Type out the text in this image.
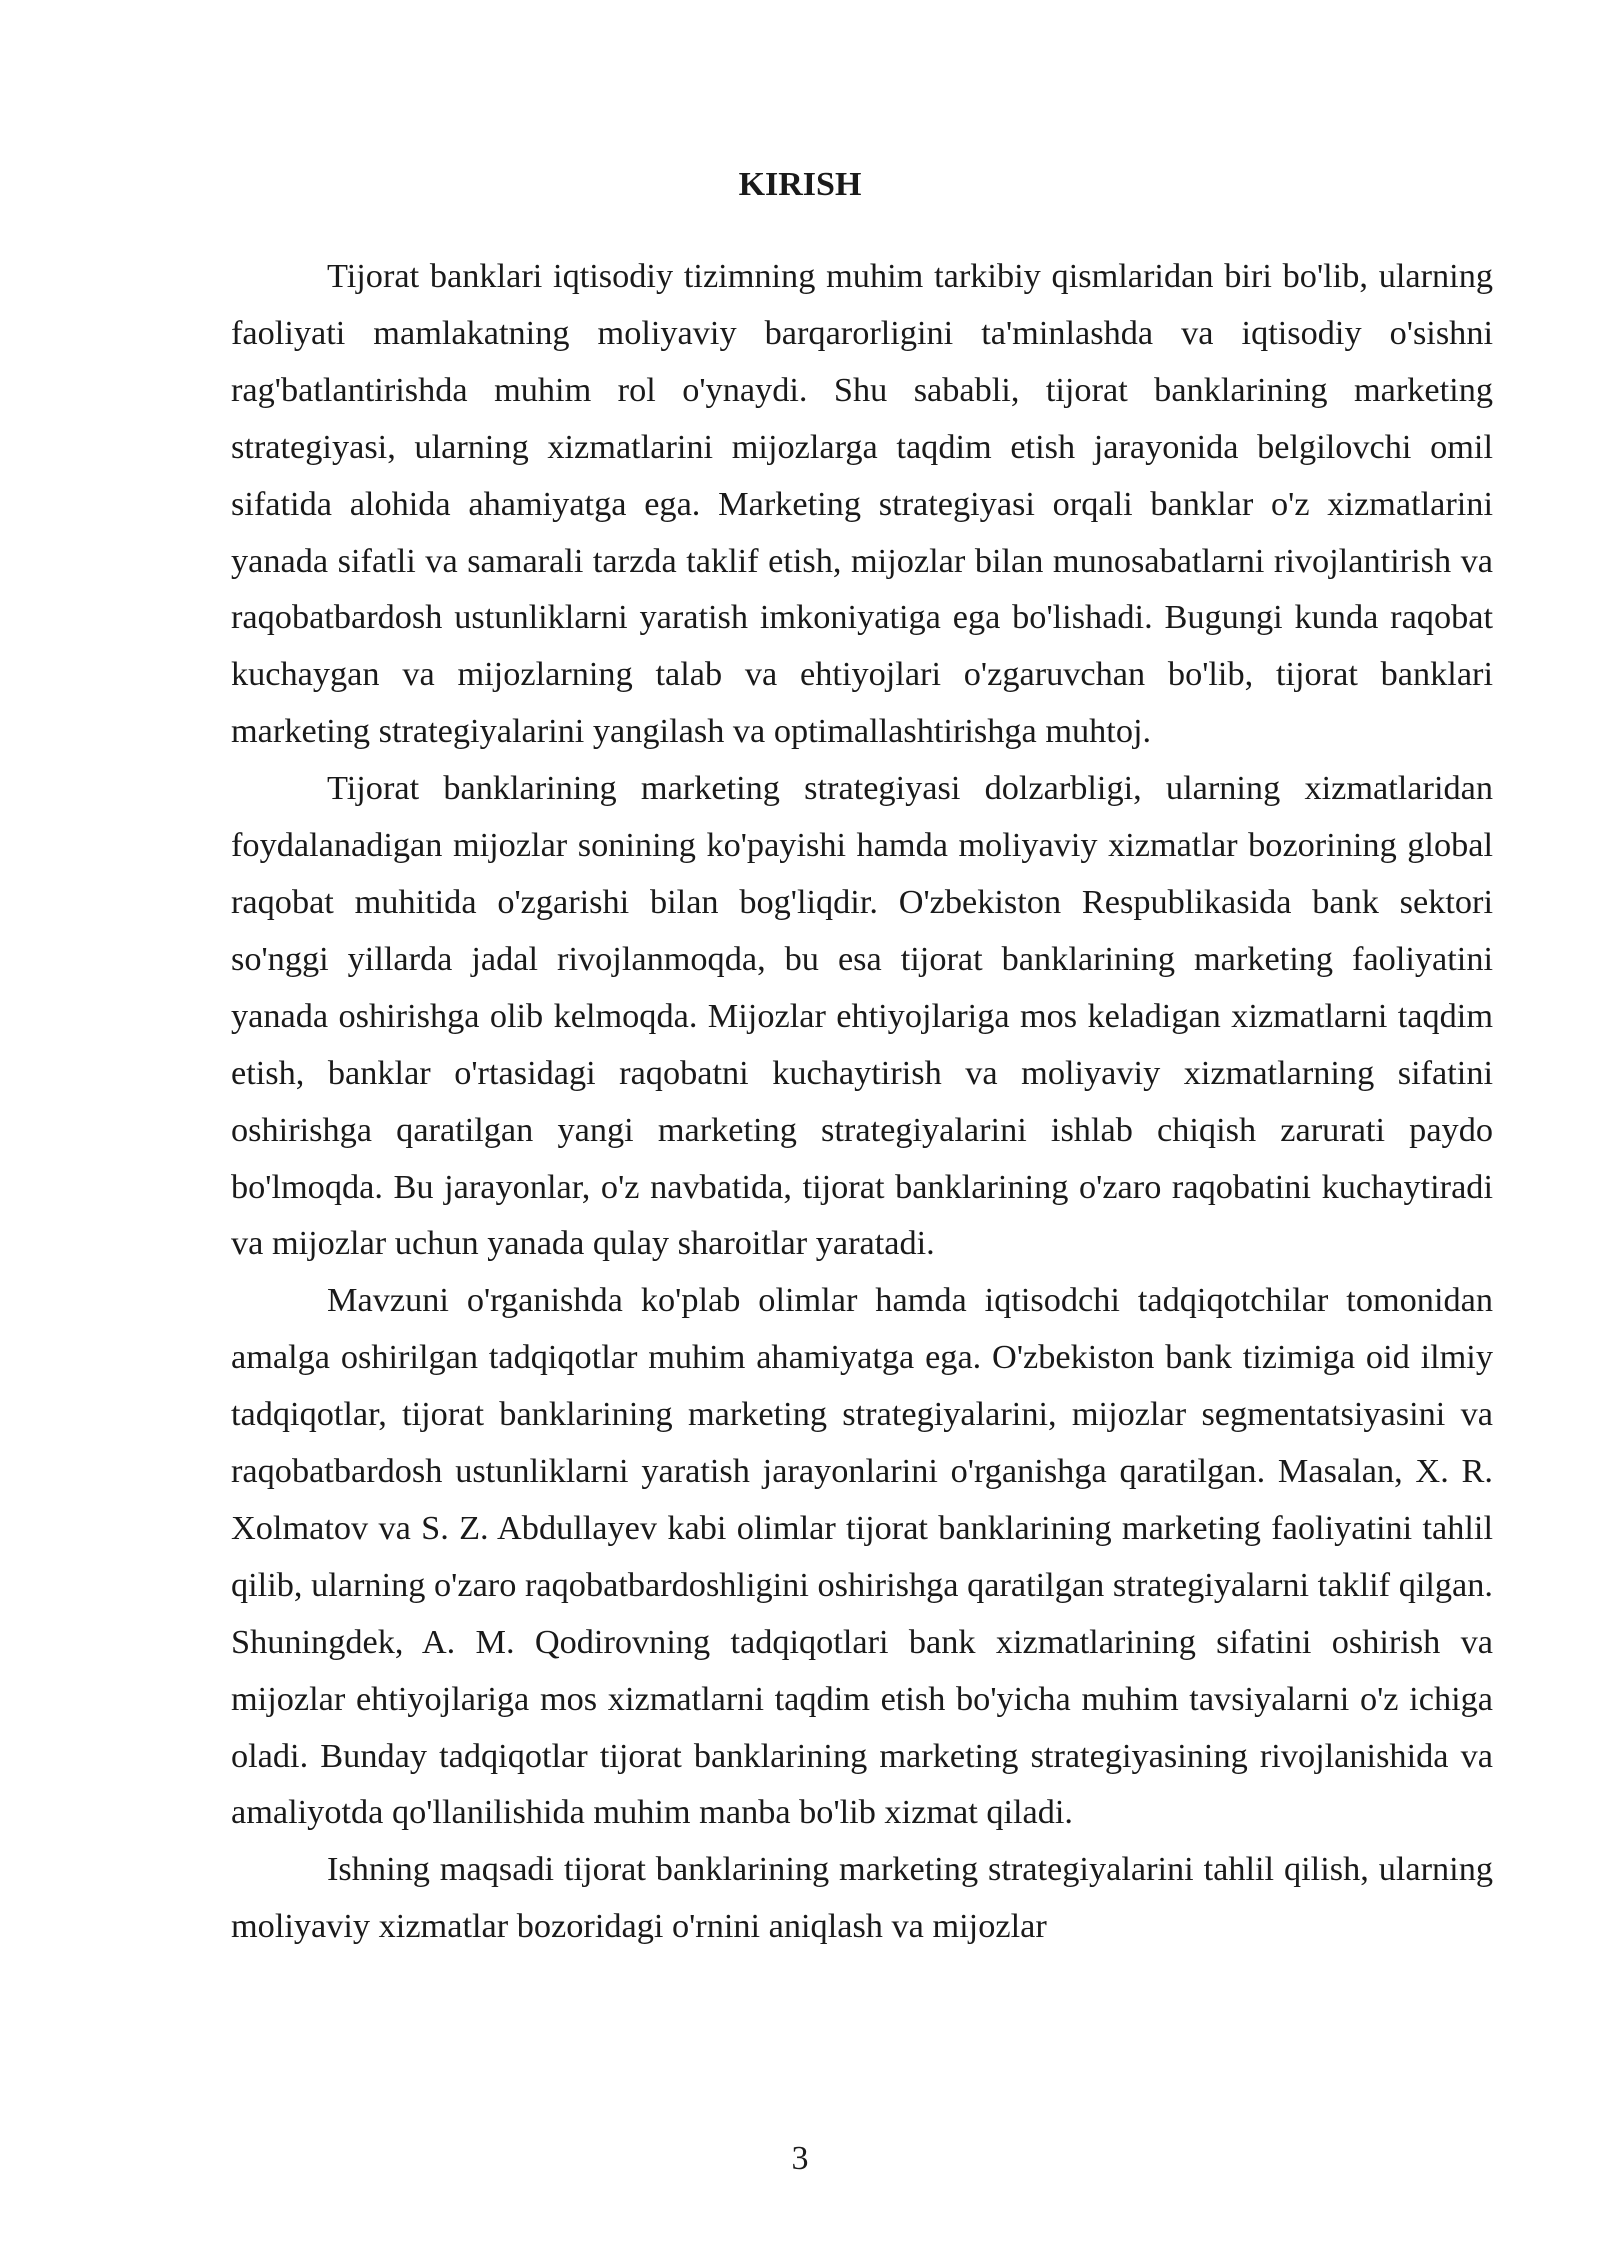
KIRISH

Tijorat banklari iqtisodiy tizimning muhim tarkibiy qismlaridan biri bo'lib, ularning faoliyati mamlakatning moliyaviy barqarorligini ta'minlashda va iqtisodiy o'sishni rag'batlantirishda muhim rol o'ynaydi. Shu sababli, tijorat banklarining marketing strategiyasi, ularning xizmatlarini mijozlarga taqdim etish jarayonida belgilovchi omil sifatida alohida ahamiyatga ega. Marketing strategiyasi orqali banklar o'z xizmatlarini yanada sifatli va samarali tarzda taklif etish, mijozlar bilan munosabatlarni rivojlantirish va raqobatbardosh ustunliklarni yaratish imkoniyatiga ega bo'lishadi. Bugungi kunda raqobat kuchaygan va mijozlarning talab va ehtiyojlari o'zgaruvchan bo'lib, tijorat banklari marketing strategiyalarini yangilash va optimallashtirishga muhtoj.

Tijorat banklarining marketing strategiyasi dolzarbligi, ularning xizmatlaridan foydalanadigan mijozlar sonining ko'payishi hamda moliyaviy xizmatlar bozorining global raqobat muhitida o'zgarishi bilan bog'liqdir. O'zbekiston Respublikasida bank sektori so'nggi yillarda jadal rivojlanmoqda, bu esa tijorat banklarining marketing faoliyatini yanada oshirishga olib kelmoqda. Mijozlar ehtiyojlariga mos keladigan xizmatlarni taqdim etish, banklar o'rtasidagi raqobatni kuchaytirish va moliyaviy xizmatlarning sifatini oshirishga qaratilgan yangi marketing strategiyalarini ishlab chiqish zarurati paydo bo'lmoqda. Bu jarayonlar, o'z navbatida, tijorat banklarining o'zaro raqobatini kuchaytiradi va mijozlar uchun yanada qulay sharoitlar yaratadi.

Mavzuni o'rganishda ko'plab olimlar hamda iqtisodchi tadqiqotchilar tomonidan amalga oshirilgan tadqiqotlar muhim ahamiyatga ega. O'zbekiston bank tizimiga oid ilmiy tadqiqotlar, tijorat banklarining marketing strategiyalarini, mijozlar segmentatsiyasini va raqobatbardosh ustunliklarni yaratish jarayonlarini o'rganishga qaratilgan. Masalan, X. R. Xolmatov va S. Z. Abdullayev kabi olimlar tijorat banklarining marketing faoliyatini tahlil qilib, ularning o'zaro raqobatbardoshligini oshirishga qaratilgan strategiyalarni taklif qilgan. Shuningdek, A. M. Qodirovning tadqiqotlari bank xizmatlarining sifatini oshirish va mijozlar ehtiyojlariga mos xizmatlarni taqdim etish bo'yicha muhim tavsiyalarni o'z ichiga oladi. Bunday tadqiqotlar tijorat banklarining marketing strategiyasining rivojlanishida va amaliyotda qo'llanilishida muhim manba bo'lib xizmat qiladi.

Ishning maqsadi tijorat banklarining marketing strategiyalarini tahlil qilish, ularning moliyaviy xizmatlar bozoridagi o'rnini aniqlash va mijozlar

3
